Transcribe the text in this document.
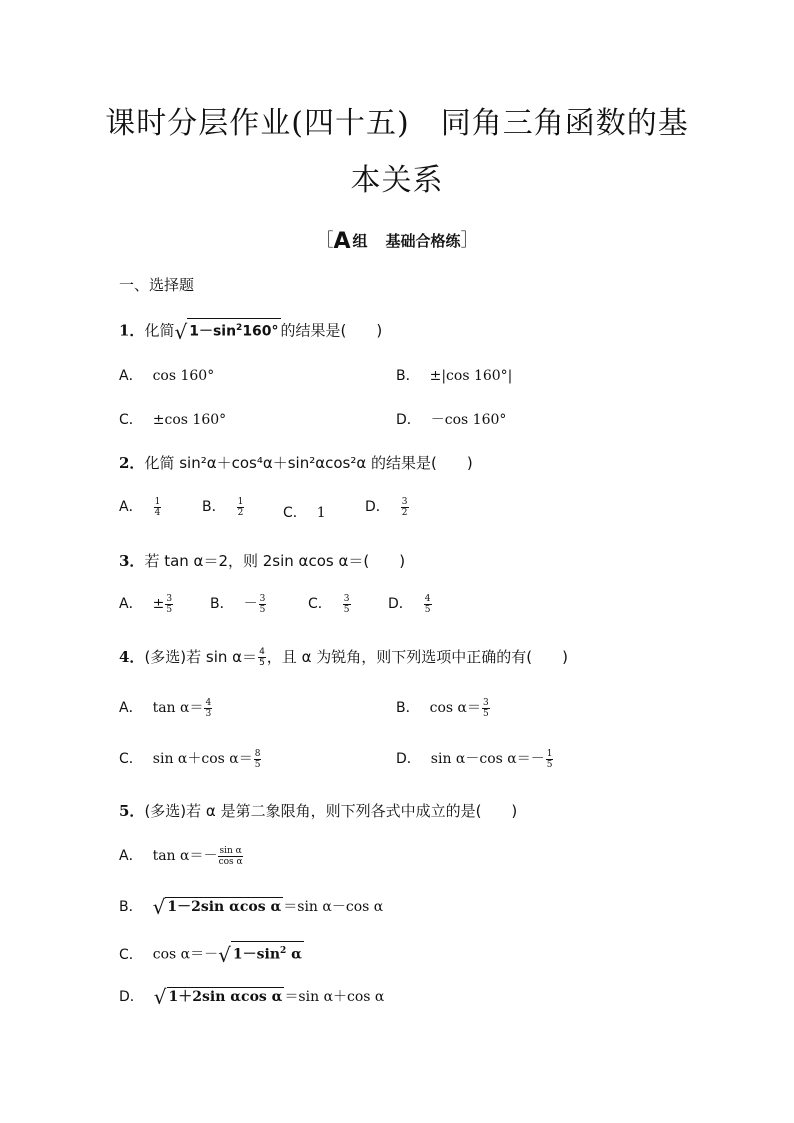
课时分层作业(四十五)　同角三角函数的基
本关系
［A 组 基础合格练］
一、选择题
1．化简 √ $1-\sin^2160^\circ$ 的结果是(　　)
A． cos 160°	B． ±|cos 160°|
C． ±cos 160°	D． －cos 160°
2．化简 sin²α＋cos⁴α＋sin²αcos²α 的结果是(　　)
A． $\frac{1}{4}$	B． $\frac{1}{2}$	C． 1	D． $\frac{3}{2}$
3．若 tan α＝2，则 2sin αcos α＝(　　)
A． ± $\frac{3}{5}$	B． － $\frac{3}{5}$	C． $\frac{3}{5}$	D． $\frac{4}{5}$
4．(多选)若 $\sin \alpha= \frac{4}{5}$ ，且 α 为锐角，则下列选项中正确的有(　　)
A． $\tan \alpha= \frac{4}{3}$	B． $\cos \alpha= \frac{3}{5}$
C． sin α＋cos $\alpha= \frac{8}{5}$	D． sin α－cos $\alpha=- \frac{1}{5}$
5．(多选)若 α 是第二象限角，则下列各式中成立的是(　　)
A． $\tan \alpha=- \frac{\text{sin α}}{\text{cos α}}$
B． √ 1－2sin αcos α ＝sin α－cos α
C． cos α＝－ √ $1-\sin^2$ α
D． √ 1＋2sin αcos α ＝sin α＋cos α
